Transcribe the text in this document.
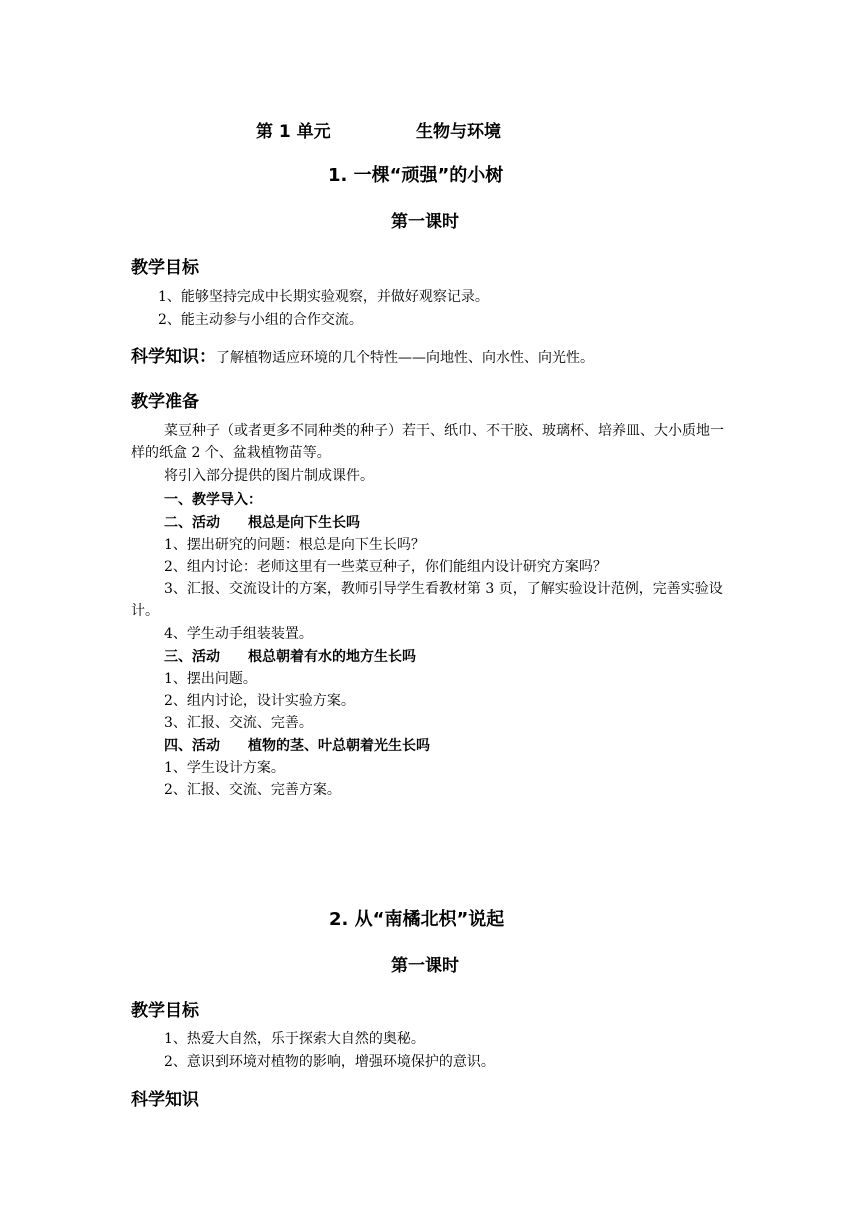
第 1 单元	生物与环境
1. 一棵“顽强”的小树
第一课时
教学目标
1、能够坚持完成中长期实验观察，并做好观察记录。
2、能主动参与小组的合作交流。
科学知识：了解植物适应环境的几个特性——向地性、向水性、向光性。
教学准备
菜豆种子（或者更多不同种类的种子）若干、纸巾、不干胶、玻璃杯、培养皿、大小质地一样的纸盒 2 个、盆栽植物苗等。
将引入部分提供的图片制成课件。
一、教学导入：
二、活动　　根总是向下生长吗
1、摆出研究的问题：根总是向下生长吗？
2、组内讨论：老师这里有一些菜豆种子，你们能组内设计研究方案吗？
3、汇报、交流设计的方案，教师引导学生看教材第 3 页，了解实验设计范例，完善实验设计。
4、学生动手组装装置。
三、活动　　根总朝着有水的地方生长吗
1、摆出问题。
2、组内讨论，设计实验方案。
3、汇报、交流、完善。
四、活动　　植物的茎、叶总朝着光生长吗
1、学生设计方案。
2、汇报、交流、完善方案。
2. 从“南橘北枳”说起
第一课时
教学目标
1、热爱大自然，乐于探索大自然的奥秘。
2、意识到环境对植物的影响，增强环境保护的意识。
科学知识
